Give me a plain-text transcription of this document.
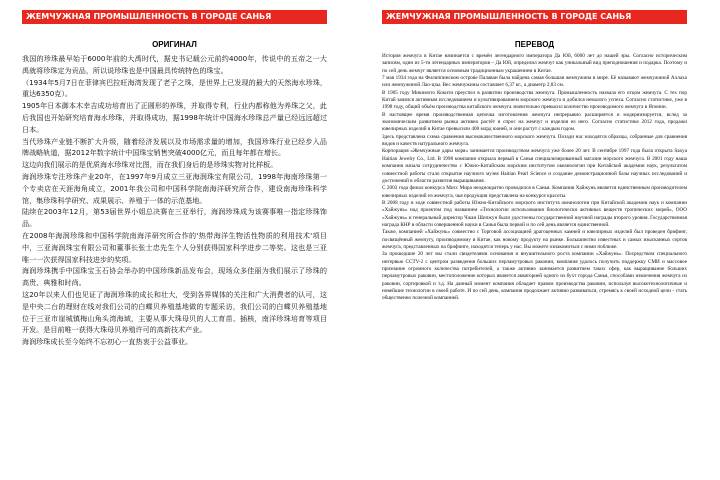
ЖЕМЧУЖНАЯ ПРОМЫШЛЕННОСТЬ В ГОРОДЕ САНЬЯ
ОРИГИНАЛ

我国的珍珠最早始于6000年前的大禹时代，据史书记载公元前约4000年，传说中的五帝之一大禹就将珍珠定为贡品，所以说珍珠也是中国最具传统特色的珠宝。

（1934年5月7日在菲律宾巴拉旺海湾发现了老子之珠，是世界上已发现的最大的天然海水珍珠，重达6350克）。

1905年日本御本木幸吉成功培育出了正圆形的养珠，并取得专利，行业内都称他为养珠之父，此后我国也开始研究培育海水珍珠，并取得成功，据1998年统计中国海水珍珠总产量已经远远超过日本。

当代珍珠产业链不断扩大升级，随着经济发展以及市场需求量的增加，我国珍珠行业已经步入品牌战略轨道，据2012年数字统计中国珠宝销售突破4000亿元，而且每年都在增长。

这边向我们展示的是优质海水珍珠对比图，而在我们身后的是珍珠实物对比样板。

海润珍珠专注珍珠产业20年，在1997年9月成立三亚海润珠宝有限公司，1998年海南珍珠第一个专卖店在天涯海角成立，2001年我公司和中国科学院南海洋研究所合作，建设南海珍珠科学馆，集珍珠科学研究、成果展示、养殖于一体的示范基地。

陆续在2003年12月，第53届世界小姐总决赛在三亚举行，海润珍珠成为该赛事唯一指定珍珠饰品。

在2008年海润珍珠和中国科学院南海洋研究所合作的'热带海洋生物活性物质的利用技术'项目中，三亚海润珠宝有限公司和董事长张士忠先生个人分别获得国家科学进步二等奖。这也是三亚唯一一次获得国家科技进步的奖项。

海润珍珠携手中国珠宝玉石协会举办的中国珍珠新品发布会，现场众多佳丽为我们展示了珍珠的高贵、典雅和时尚。

这20年以来人们也见证了海润珍珠的成长和壮大，受到各界媒体的关注和广大消费者的认可，这是中央二台的理财在线对我们公司的白蝶贝养殖基地做的专题采访，我们公司的白蝶贝养殖基地位于三亚市崖城镇梅山角头湾海域，主要从事大珠母贝的人工育苗、插核，南洋珍珠培育等项目开发。是目前唯一获得大珠母贝养殖许可的高新技术产业。

海润珍珠成长至今始终不忘初心一直热衷于公益事业。

ЖЕМЧУЖНАЯ ПРОМЫШЛЕННОСТЬ В ГОРОДЕ САНЬЯ
ПЕРЕВОД

История жемчуга в Китае начинается с времён легендарного императора Да Юй, 6000 лет до нашей эры. Согласно историческим записям, один из 5-ти легендарных императоров – Да Юй, определил жемчуг как уникальный вид преподношения и подарка. Поэтому и по сей день жемчуг является основным традиционным украшением в Китае.

7 мая 1934 года на Филиппинском острове Палаван была найдена самая большая жемчужина в мире. Её называют жемчужиной Аллаха или жемчужиной Лао-цзы. Вес жемчужины составляет 6,37 кг., а диаметр 2,83 см.

В 1905 году Микимото Кокити преуспел в развитии производства жемчуга. Промышленность назвала его отцом жемчуга. С тех пор Китай занялся активным исследованием и культивированием морского жемчуга и добился немалого успеха. Согласно статистике, уже в 1998 году, общий объём производства китайского жемчуга значительно превысил количество производимого жемчуга в Японии.

В настоящее время производственная цепочка изготовления жемчуга непрерывно расширяется и модернизируется, вслед за экономическим развитием рынка активно растёт и спрос на жемчуг и изделия из него. Согласно статистике 2012 года, продажи ювелирных изделий в Китае превысили 400 млрд юаней, и они растут с каждым годом.

Здесь представлена схема сравнения высококачественного морского жемчуга. Позади нас находятся образцы, собранные для сравнения видов и качеств натурального жемчуга.

Корпорация «Жемчужные дары моря» занимается производством жемчуга уже более 20 лет. В сентябре 1997 года была открыта Sanya Haitian Jewelry Co., Ltd. В 1998 компания открыла первый в Санья специализированный магазин морского жемчуга. В 2001 году наша компания начала сотрудничество с Южно-Китайским морским институтом океанологии при Китайской академии наук, результатом совместной работы стало открытие научного музея Haitian Pearl Science и создание демонстрационной базы научных исследований и достижений в области развития выращивания.

С 2003 года финал конкурса Мисс Мира неоднократно проводился в Санья. Компания Хайжунь является единственным производителем ювелирных изделий из жемчуга, чья продукция представлена на конкурсе красоты.

В 2008 году в ходе совместной работы Южно-Китайского морского института океанологии при Китайской академии наук и компании «Хайжунь» над проектом под названием «Технологии использования биологически активных веществ тропических морей», ООО «Хайжунь» и генеральный директор Чжан Шичжун были удостоены государственной научной награды второго уровня. Государственная награда КНР в области совершенной науки в Санья была первой и по сей день является единственной.

Также, компанией «Хайжунь» совместно с Торговой ассоциацией драгоценных камней и ювелирных изделий был проведен брифинг, посвящённый жемчугу, производимому в Китае, как новому продукту на рынке. Большинство известных и самых изысканных сортов жемчуга, представленных на брифинге, находятся теперь у нас. Вы можете ознакомиться с ними поближе.

За прошедшие 20 лет мы стали свидетелями основания и внушительного роста компании «Хайжунь». Посредством специального интервью CCTV-2 с центром разведения больших перламутровых раковин, компания удалось получить поддержку СМИ и массовое признание огромного количества потребителей, а также активно занимается развитием таких сфер, как выращивание больших перламутровых раковин, местоположение которых является акваторией одного из бухт города Санья, способами извлечения жемчуга из раковин, сортировкой и т.д. На данный момент компания обладает правом производства раковин, используя высокотехнологичные и новейшие технологии в своей работе. И по сей день, компания продолжает активно развиваться, стремясь к своей исходной цели - стать общественно полезной компанией.
